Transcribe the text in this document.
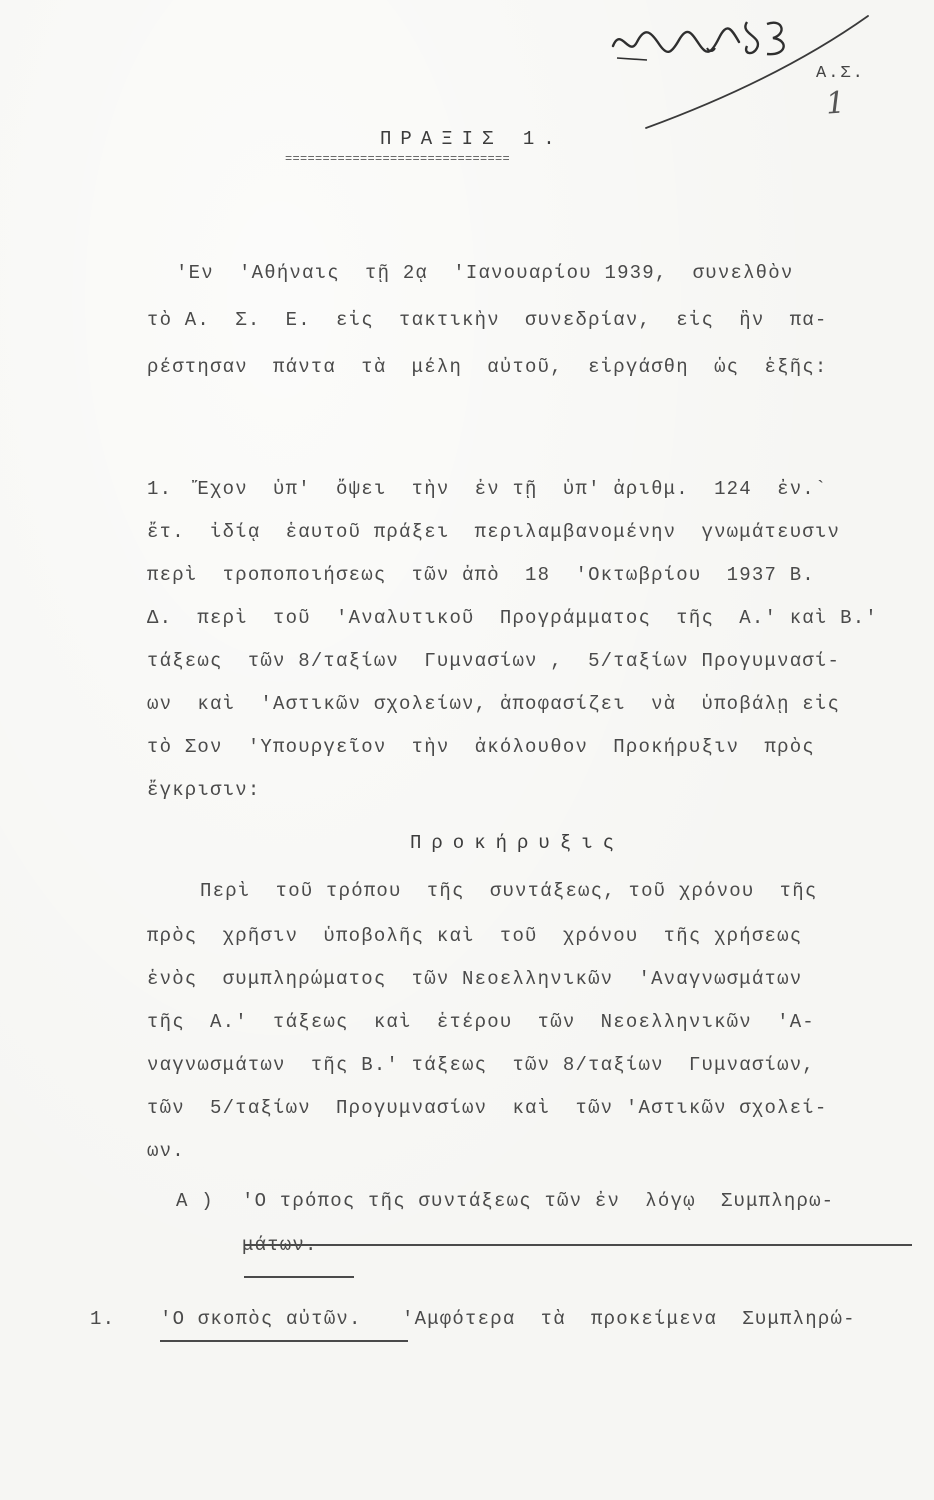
Α.Σ.
1
ΠΡΑΞΙΣ 1.
==============================
'Εν  'Αθήναις  τῇ 2ᾳ  'Ιανουαρίου 1939,  συνελθὸν
τὸ Α.  Σ.  Ε.  εἰς  τακτικὴν  συνεδρίαν,  εἰς  ἣν  πα-
ρέστησαν  πάντα  τὰ  μέλη  αὐτοῦ,  εἰργάσθη  ὡς  ἑξῆς:
1.  Ἔχον  ὑπ'  ὄψει  τὴν  ἐν τῇ  ὑπ' ἀριθμ.  124  ἐν.`
ἔτ.  ἰδίᾳ  ἑαυτοῦ πράξει  περιλαμβανομένην  γνωμάτευσιν
περὶ  τροποποιήσεως  τῶν ἀπὸ  18  'Οκτωβρίου  1937 Β.
Δ.  περὶ  τοῦ  'Αναλυτικοῦ  Προγράμματος  τῆς  Α.' καὶ Β.'
τάξεως  τῶν 8/ταξίων  Γυμνασίων ,  5/ταξίων Προγυμνασί-
ων  καὶ  'Αστικῶν σχολείων, ἀποφασίζει  νὰ  ὑποβάλῃ εἰς
τὸ Σον  'Υπουργεῖον  τὴν  ἀκόλουθον  Προκήρυξιν  πρὸς
ἔγκρισιν:
Προκήρυξις
Περὶ  τοῦ τρόπου  τῆς  συντάξεως, τοῦ χρόνου  τῆς
πρὸς  χρῆσιν  ὑποβολῆς καὶ  τοῦ  χρόνου  τῆς χρήσεως
ἑνὸς  συμπληρώματος  τῶν Νεοελληνικῶν  'Αναγνωσμάτων
τῆς  Α.'  τάξεως  καὶ  ἑτέρου  τῶν  Νεοελληνικῶν  'Α-
ναγνωσμάτων  τῆς Β.' τάξεως  τῶν 8/ταξίων  Γυμνασίων,
τῶν  5/ταξίων  Προγυμνασίων  καὶ  τῶν 'Αστικῶν σχολεί-
ων.
Α ) 'Ο τρόπος τῆς συντάξεως τῶν ἐν  λόγῳ  Συμπληρω-
μάτων.
1. 'Ο σκοπὸς αὐτῶν. 'Αμφότερα  τὰ  προκείμενα  Συμπληρώ-
